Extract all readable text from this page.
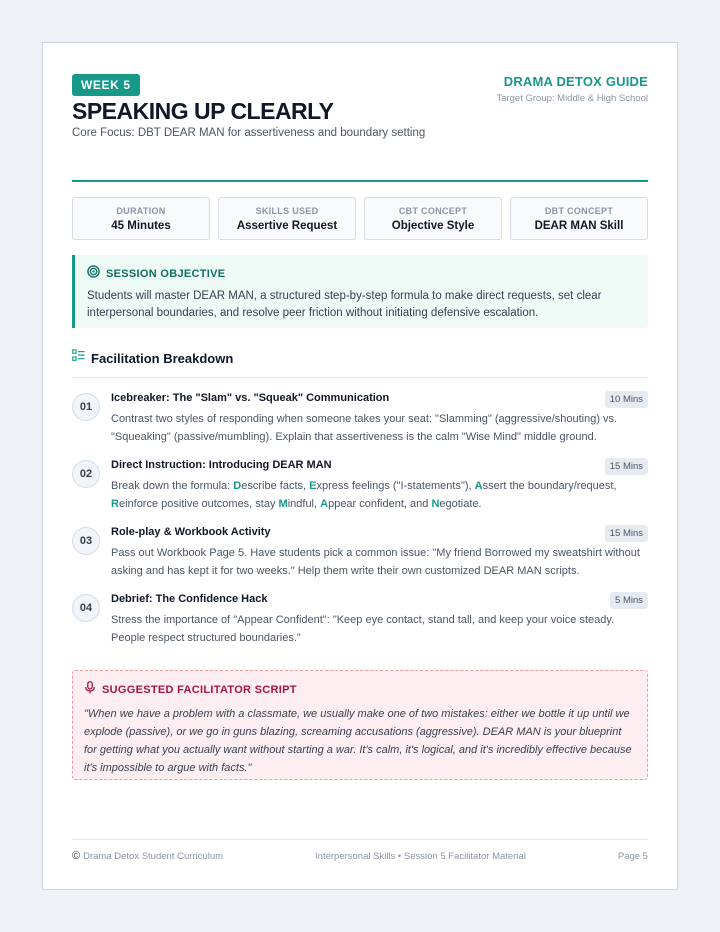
WEEK 5	DRAMA DETOX GUIDE
Target Group: Middle & High School
SPEAKING UP CLEARLY
Core Focus: DBT DEAR MAN for assertiveness and boundary setting
DURATION
45 Minutes
SKILLS USED
Assertive Request
CBT CONCEPT
Objective Style
DBT CONCEPT
DEAR MAN Skill
SESSION OBJECTIVE

Students will master DEAR MAN, a structured step-by-step formula to make direct requests, set clear interpersonal boundaries, and resolve peer friction without initiating defensive escalation.

Facilitation Breakdown
01
Icebreaker: The "Slam" vs. "Squeak" Communication	10 Mins

Contrast two styles of responding when someone takes your seat: "Slamming" (aggressive/shouting) vs. "Squeaking" (passive/mumbling). Explain that assertiveness is the calm "Wise Mind" middle ground.

02
Direct Instruction: Introducing DEAR MAN	15 Mins

Break down the formula: Describe facts, Express feelings ("I-statements"), Assert the boundary/request, Reinforce positive outcomes, stay Mindful, Appear confident, and Negotiate.

03
Role-play & Workbook Activity	15 Mins

Pass out Workbook Page 5. Have students pick a common issue: "My friend Borrowed my sweatshirt without asking and has kept it for two weeks." Help them write their own customized DEAR MAN scripts.

04
Debrief: The Confidence Hack	5 Mins

Stress the importance of "Appear Confident": "Keep eye contact, stand tall, and keep your voice steady. People respect structured boundaries."

SUGGESTED FACILITATOR SCRIPT

"When we have a problem with a classmate, we usually make one of two mistakes: either we bottle it up until we explode (passive), or we go in guns blazing, screaming accusations (aggressive). DEAR MAN is your blueprint for getting what you actually want without starting a war. It's calm, it's logical, and it's incredibly effective because it's impossible to argue with facts."

© Drama Detox Student Curriculum	Interpersonal Skills • Session 5 Facilitator Material	Page 5
